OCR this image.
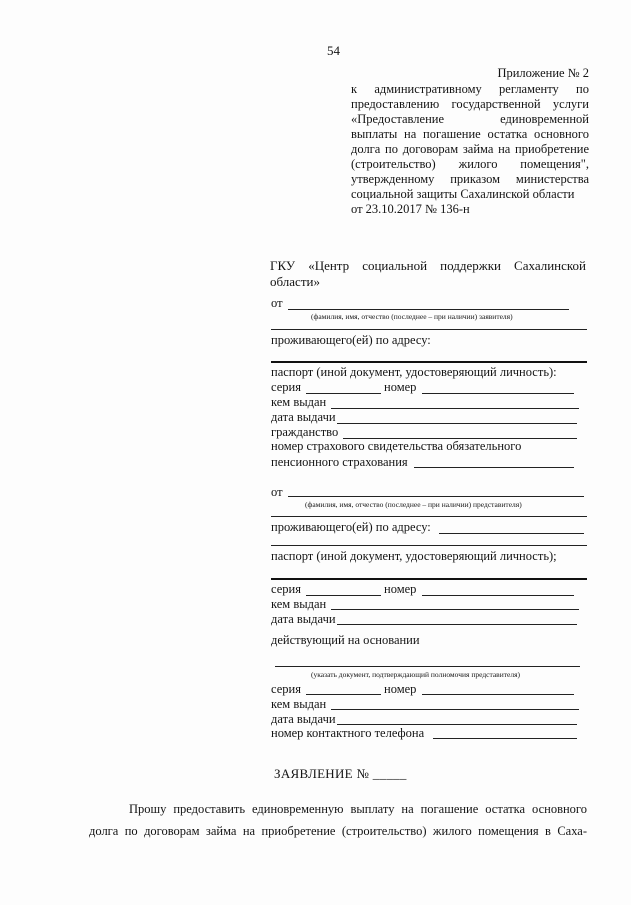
54
Приложение № 2
к административному регламенту по
предоставлению государственной услуги
«Предоставление единовременной
выплаты на погашение остатка основного
долга по договорам займа на приобретение
(строительство) жилого помещения",
утвержденному приказом министерства
социальной защиты Сахалинской области
от 23.10.2017 № 136-н
ГКУ «Центр социальной поддержки Сахалинской
области»
от
(фамилия, имя, отчество (последнее – при наличии) заявителя)
проживающего(ей) по адресу:
паспорт (иной документ, удостоверяющий личность):
серия	номер
кем выдан
дата выдачи
гражданство
номер страхового свидетельства обязательного
пенсионного страхования
от
(фамилия, имя, отчество (последнее – при наличии) представителя)
проживающего(ей) по адресу:
паспорт (иной документ, удостоверяющий личность);
серия	номер
кем выдан
дата выдачи
действующий на основании
(указать документ, подтверждающий полномочия представителя)
серия	номер
кем выдан
дата выдачи
номер контактного телефона
ЗАЯВЛЕНИЕ № _____
Прошу предоставить единовременную выплату на погашение остатка основного
долга по договорам займа на приобретение (строительство) жилого помещения в Саха-
